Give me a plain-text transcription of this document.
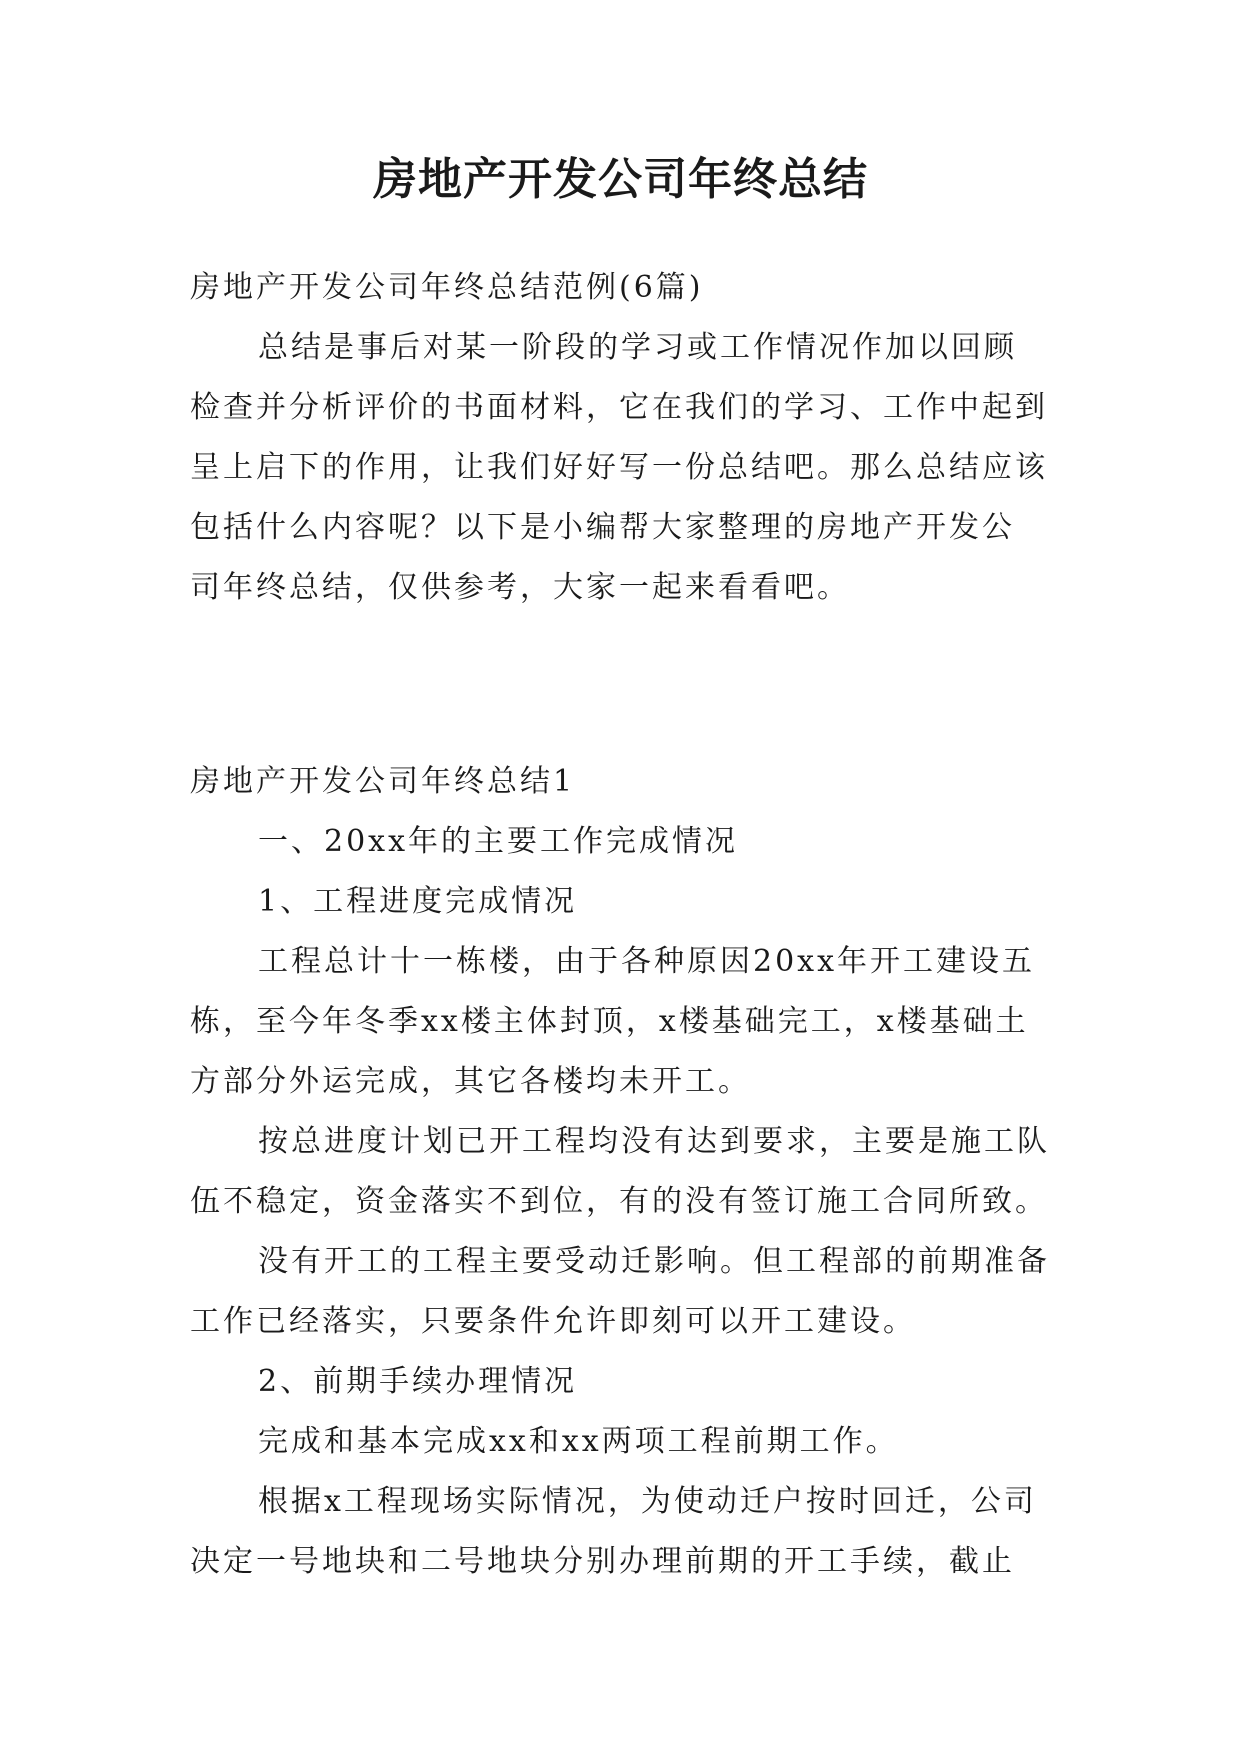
房地产开发公司年终总结
房地产开发公司年终总结范例(6篇)
总结是事后对某一阶段的学习或工作情况作加以回顾
检查并分析评价的书面材料，它在我们的学习、工作中起到
呈上启下的作用，让我们好好写一份总结吧。那么总结应该
包括什么内容呢？以下是小编帮大家整理的房地产开发公
司年终总结，仅供参考，大家一起来看看吧。
房地产开发公司年终总结1
一、20xx年的主要工作完成情况
1、工程进度完成情况
工程总计十一栋楼，由于各种原因20xx年开工建设五
栋，至今年冬季xx楼主体封顶，x楼基础完工，x楼基础土
方部分外运完成，其它各楼均未开工。
按总进度计划已开工程均没有达到要求，主要是施工队
伍不稳定，资金落实不到位，有的没有签订施工合同所致。
没有开工的工程主要受动迁影响。但工程部的前期准备
工作已经落实，只要条件允许即刻可以开工建设。
2、前期手续办理情况
完成和基本完成xx和xx两项工程前期工作。
根据x工程现场实际情况，为使动迁户按时回迁，公司
决定一号地块和二号地块分别办理前期的开工手续，截止
